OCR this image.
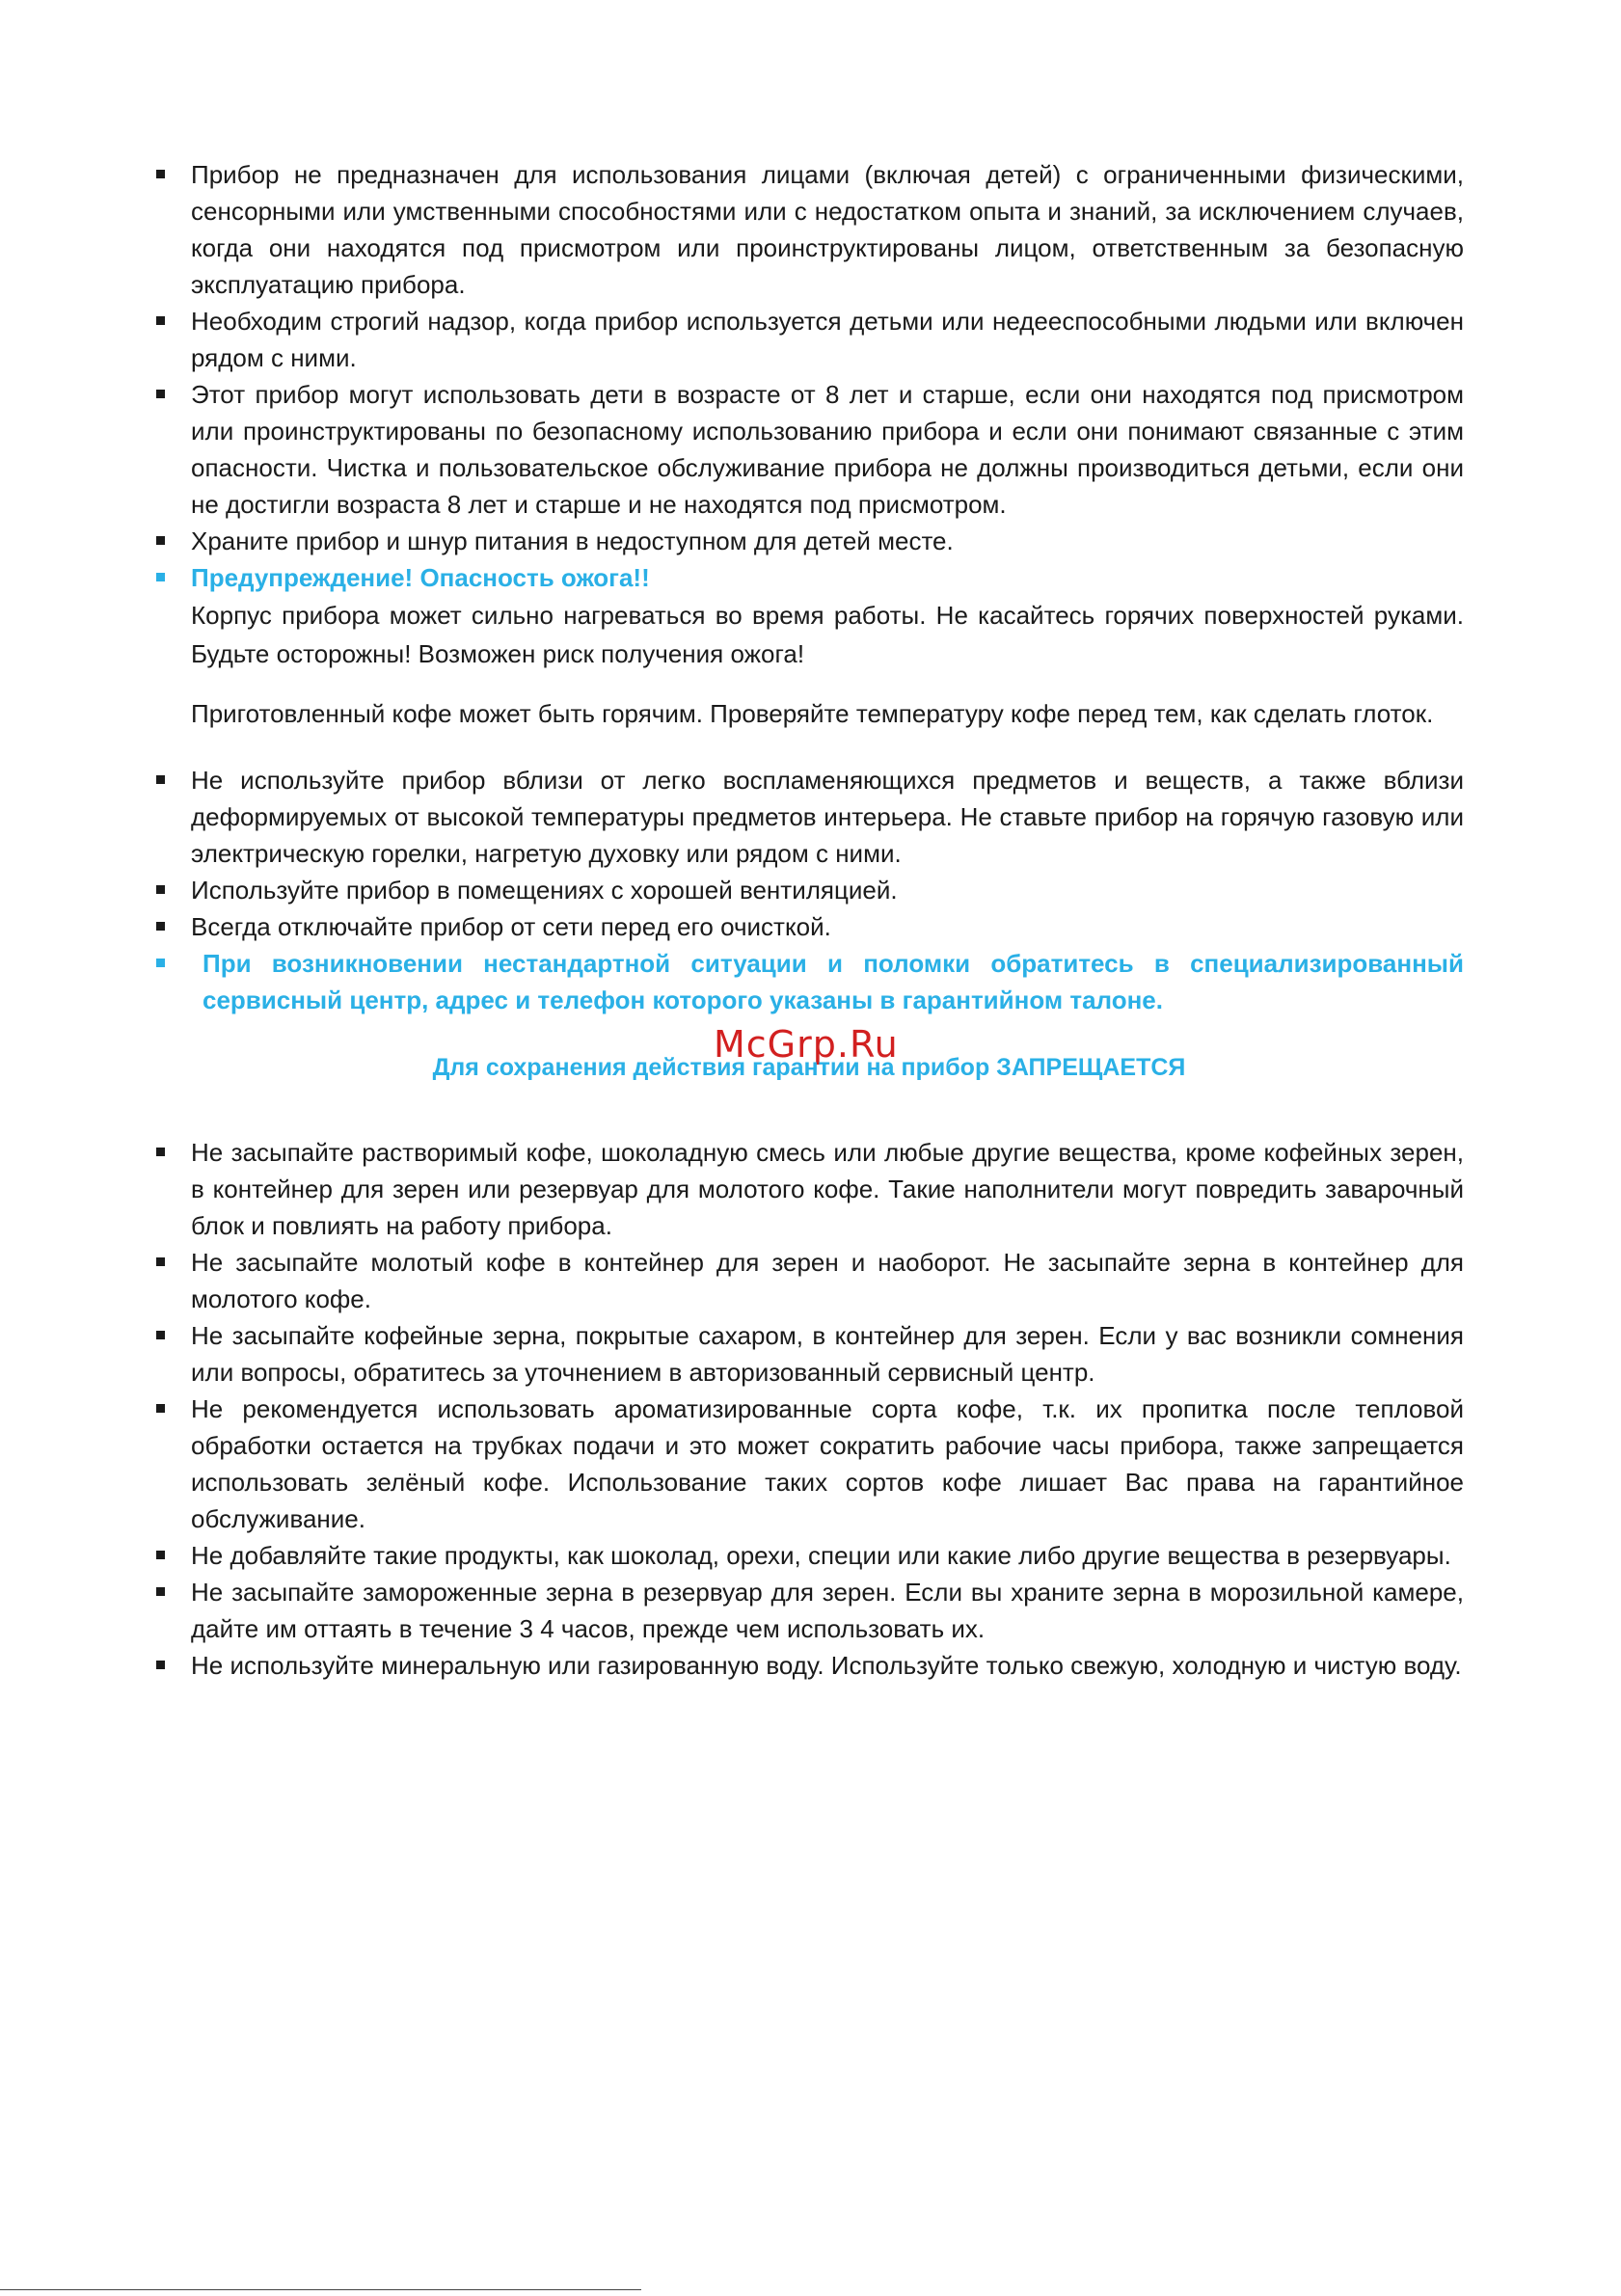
Прибор не предназначен для использования лицами (включая детей) с ограниченными физическими, сенсорными или умственными способностями или с недостатком опыта и знаний, за исключением случаев, когда они находятся под присмотром или проинструктированы лицом, ответственным за безопасную эксплуатацию прибора.
Необходим строгий надзор, когда прибор используется детьми или недееспособными людьми или включен рядом с ними.
Этот прибор могут использовать дети в возрасте от 8 лет и старше, если они находятся под присмотром или проинструктированы по безопасному использованию прибора и если они понимают связанные с этим опасности. Чистка и пользовательское обслуживание прибора не должны производиться детьми, если они не достигли возраста 8 лет и старше и не находятся под присмотром.
Храните прибор и шнур питания в недоступном для детей месте.
Предупреждение! Опасность ожога!!
Корпус прибора может сильно нагреваться во время работы. Не касайтесь горячих поверхностей руками. Будьте осторожны! Возможен риск получения ожога!
Приготовленный кофе может быть горячим. Проверяйте температуру кофе перед тем, как сделать глоток.
Не используйте прибор вблизи от легко воспламеняющихся предметов и веществ, а также вблизи деформируемых от высокой температуры предметов интерьера. Не ставьте прибор на горячую газовую или электрическую горелки, нагретую духовку или рядом с ними.
Используйте прибор в помещениях с хорошей вентиляцией.
Всегда отключайте прибор от сети перед его очисткой.
При возникновении нестандартной ситуации и поломки обратитесь в специализированный сервисный центр, адрес и телефон которого указаны в гарантийном талоне.
McGrp.Ru
Для сохранения действия гарантии на прибор ЗАПРЕЩАЕТСЯ
Не засыпайте растворимый кофе, шоколадную смесь или любые другие вещества, кроме кофейных зерен, в контейнер для зерен или резервуар для молотого кофе. Такие наполнители могут повредить заварочный блок и повлиять на работу прибора.
Не засыпайте молотый кофе в контейнер для зерен и наоборот. Не засыпайте зерна в контейнер для молотого кофе.
Не засыпайте кофейные зерна, покрытые сахаром, в контейнер для зерен. Если у вас возникли сомнения или вопросы, обратитесь за уточнением в авторизованный сервисный центр.
Не рекомендуется использовать ароматизированные сорта кофе, т.к. их пропитка после тепловой обработки остается на трубках подачи и это может сократить рабочие часы прибора, также запрещается использовать зелёный кофе. Использование таких сортов кофе лишает Вас права на гарантийное обслуживание.
Не добавляйте такие продукты, как шоколад, орехи, специи или какие либо другие вещества в резервуары.
Не засыпайте замороженные зерна в резервуар для зерен. Если вы храните зерна в морозильной камере, дайте им оттаять в течение 3 4 часов, прежде чем использовать их.
Не используйте минеральную или газированную воду. Используйте только свежую, холодную и чистую воду.
